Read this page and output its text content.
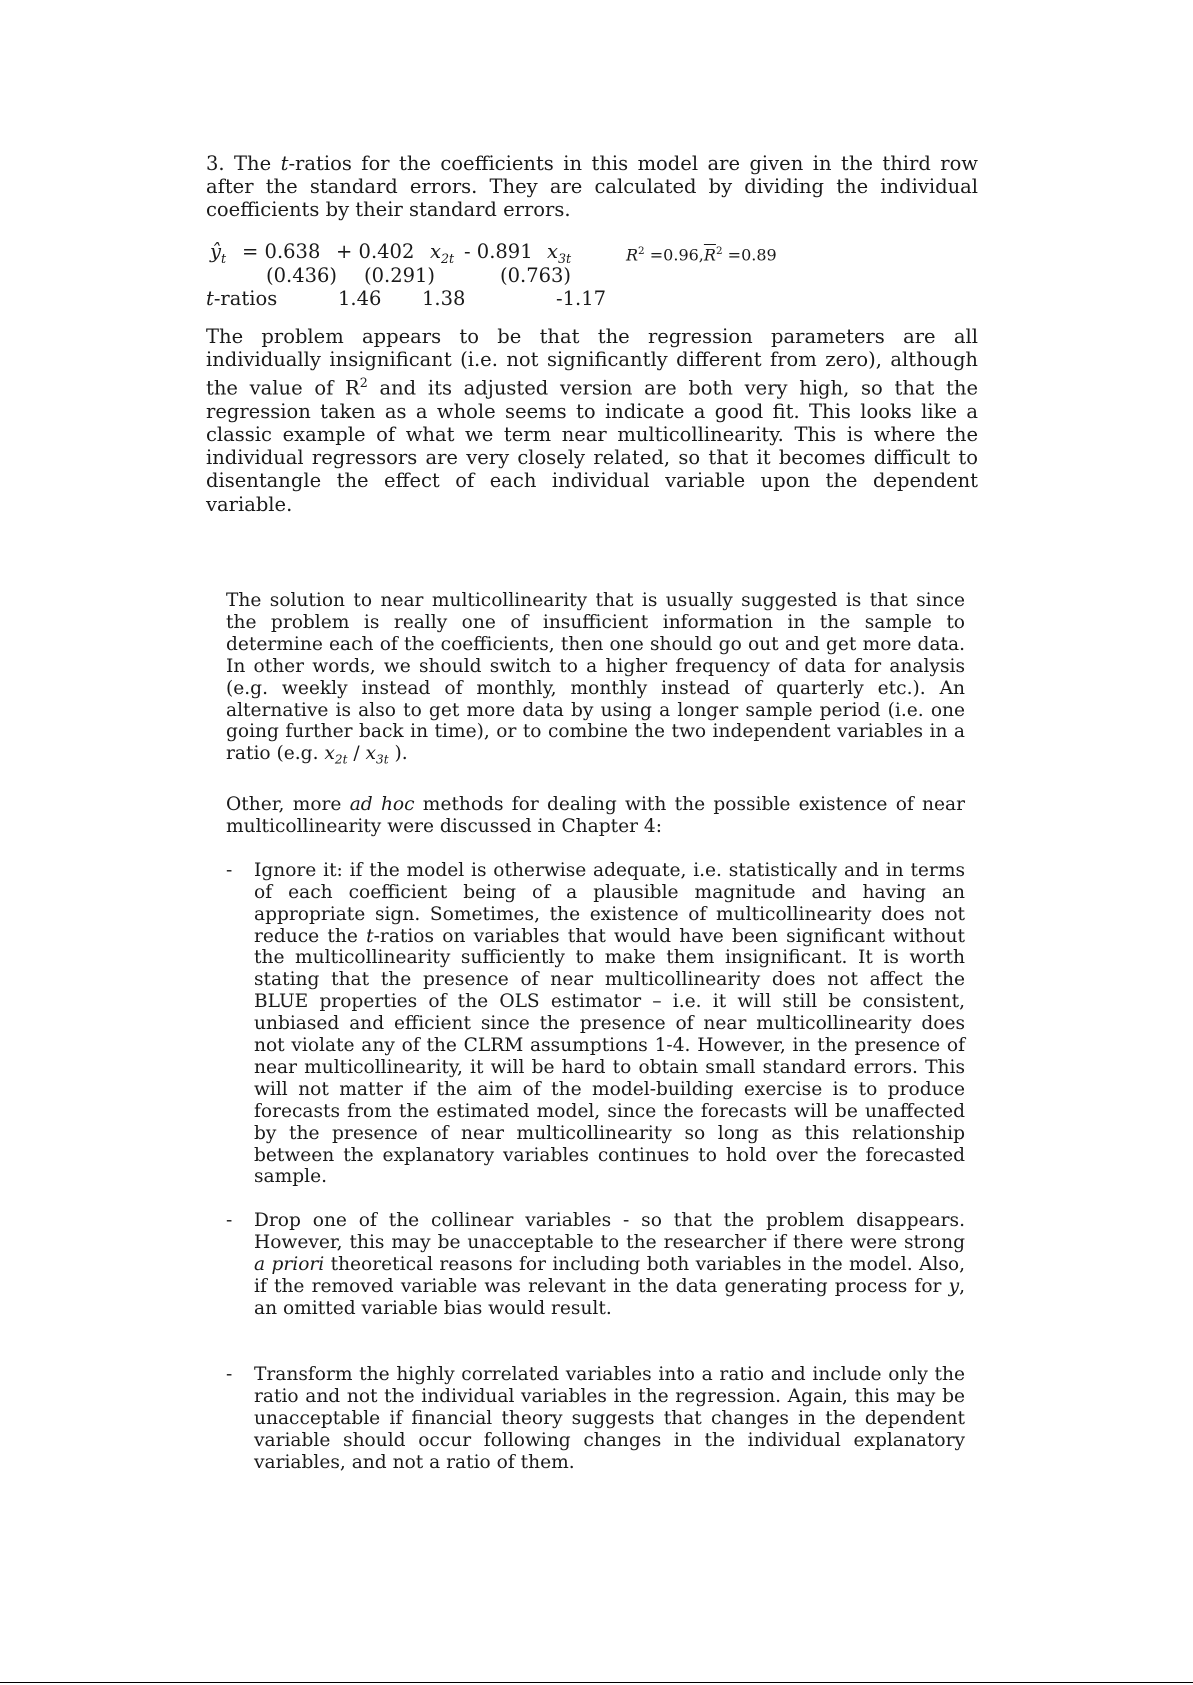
3. The t-ratios for the coefficients in this model are given in the third row after the standard errors. They are calculated by dividing the individual coefficients by their standard errors.

$ŷ_t = 0.638 + 0.402$ $x_{2t} - 0.891$ $x_{3t}$	$R^2 =0.96,\overline{R}^2 =0.89$
(0.436) (0.291)	(0.763)
t-ratios	1.46 1.38	-1.17

The problem appears to be that the regression parameters are all individually insignificant (i.e. not significantly different from zero), although the value of $R^2$ and its adjusted version are both very high, so that the regression taken as a whole seems to indicate a good fit. This looks like a classic example of what we term near multicollinearity. This is where the individual regressors are very closely related, so that it becomes difficult to disentangle the effect of each individual variable upon the dependent variable.

The solution to near multicollinearity that is usually suggested is that since the problem is really one of insufficient information in the sample to determine each of the coefficients, then one should go out and get more data. In other words, we should switch to a higher frequency of data for analysis (e.g. weekly instead of monthly, monthly instead of quarterly etc.). An alternative is also to get more data by using a longer sample period (i.e. one going further back in time), or to combine the two independent variables in a ratio (e.g. $x_{2t} / x_{3t}$ ).

Other, more ad hoc methods for dealing with the possible existence of near multicollinearity were discussed in Chapter 4:

- Ignore it: if the model is otherwise adequate, i.e. statistically and in terms of each coefficient being of a plausible magnitude and having an appropriate sign. Sometimes, the existence of multicollinearity does not reduce the t-ratios on variables that would have been significant without the multicollinearity sufficiently to make them insignificant. It is worth stating that the presence of near multicollinearity does not affect the BLUE properties of the OLS estimator – i.e. it will still be consistent, unbiased and efficient since the presence of near multicollinearity does not violate any of the CLRM assumptions 1-4. However, in the presence of near multicollinearity, it will be hard to obtain small standard errors. This will not matter if the aim of the model-building exercise is to produce forecasts from the estimated model, since the forecasts will be unaffected by the presence of near multicollinearity so long as this relationship between the explanatory variables continues to hold over the forecasted sample.
- Drop one of the collinear variables - so that the problem disappears. However, this may be unacceptable to the researcher if there were strong a priori theoretical reasons for including both variables in the model. Also, if the removed variable was relevant in the data generating process for y, an omitted variable bias would result.
- Transform the highly correlated variables into a ratio and include only the ratio and not the individual variables in the regression. Again, this may be unacceptable if financial theory suggests that changes in the dependent variable should occur following changes in the individual explanatory variables, and not a ratio of them.
